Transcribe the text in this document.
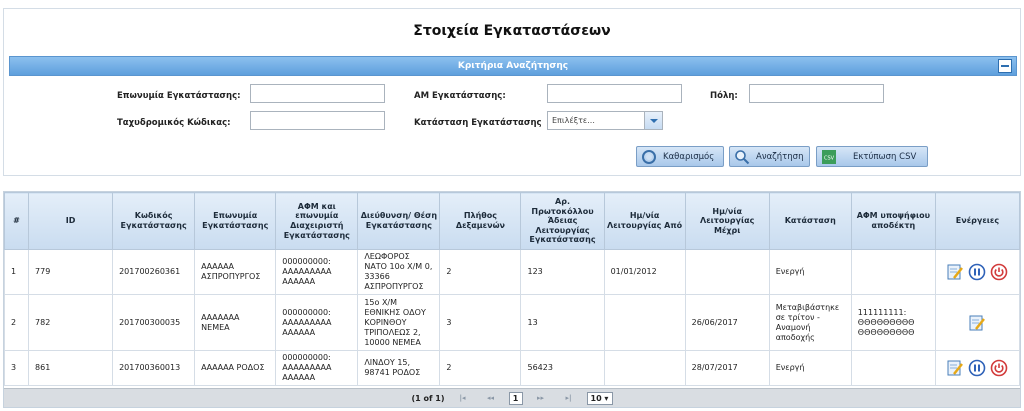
Στοιχεία Εγκαταστάσεων
Κριτήρια Αναζήτησης
Επωνυμία Εγκατάστασης:	ΑΜ Εγκατάστασης:	Πόλη:
Ταχυδρομικός Κώδικας:	Κατάσταση Εγκατάστασης	Επιλέξτε...
Καθαρισμός	Αναζήτηση	CSV Εκτύπωση CSV
#	ID	Κωδικός Εγκατάστασης	Επωνυμία Εγκατάστασης	ΑΦΜ και επωνυμία Διαχειριστή Εγκατάστασης	Διεύθυνση/ Θέση Εγκατάστασης	Πλήθος Δεξαμενών	Αρ. Πρωτοκόλλου Άδειας Λειτουργίας Εγκατάστασης	Ημ/νία Λειτουργίας Από	Ημ/νία Λειτουργίας Μέχρι	Κατάσταση	ΑΦΜ υποψήφιου αποδέκτη	Ενέργειες
1	779	201700260361	ΑΑΑΑΑΑ ΑΣΠΡΟΠΥΡΓΟΣ	000000000: ΑΑΑΑΑΑΑΑΑ ΑΑΑΑΑΑ	ΛΕΩΦΟΡΟΣ ΝΑΤΟ 10ο Χ/Μ 0, 33366 ΑΣΠΡΟΠΥΡΓΟΣ	2	123	01/01/2012		Ενεργή		

2	782	201700300035	ΑΑΑΑΑΑΑ ΝΕΜΕΑ	000000000: ΑΑΑΑΑΑΑΑΑ ΑΑΑΑΑΑ	15ο Χ/Μ ΕΘΝΙΚΗΣ ΟΔΟΥ ΚΟΡΙΝΘΟΥ ΤΡΙΠΟΛΕΩΣ 2, 10000 ΝΕΜΕΑ	3	13		26/06/2017	Μεταβιβάστηκε σε τρίτον - Αναμονή αποδοχής	111111111: ΘΘΘΘΘΘΘΘΘ ΘΘΘΘΘΘΘΘΘ	

3	861	201700360013	ΑΑΑΑΑΑ ΡΟΔΟΣ	000000000: ΑΑΑΑΑΑΑΑΑ ΑΑΑΑΑΑ	ΛΙΝΔΟΥ 15, 98741 ΡΟΔΟΣ	2	56423		28/07/2017	Ενεργή		
(1 of 1)	|◂	◂◂	1	▸▸	▸|	10 ▾
